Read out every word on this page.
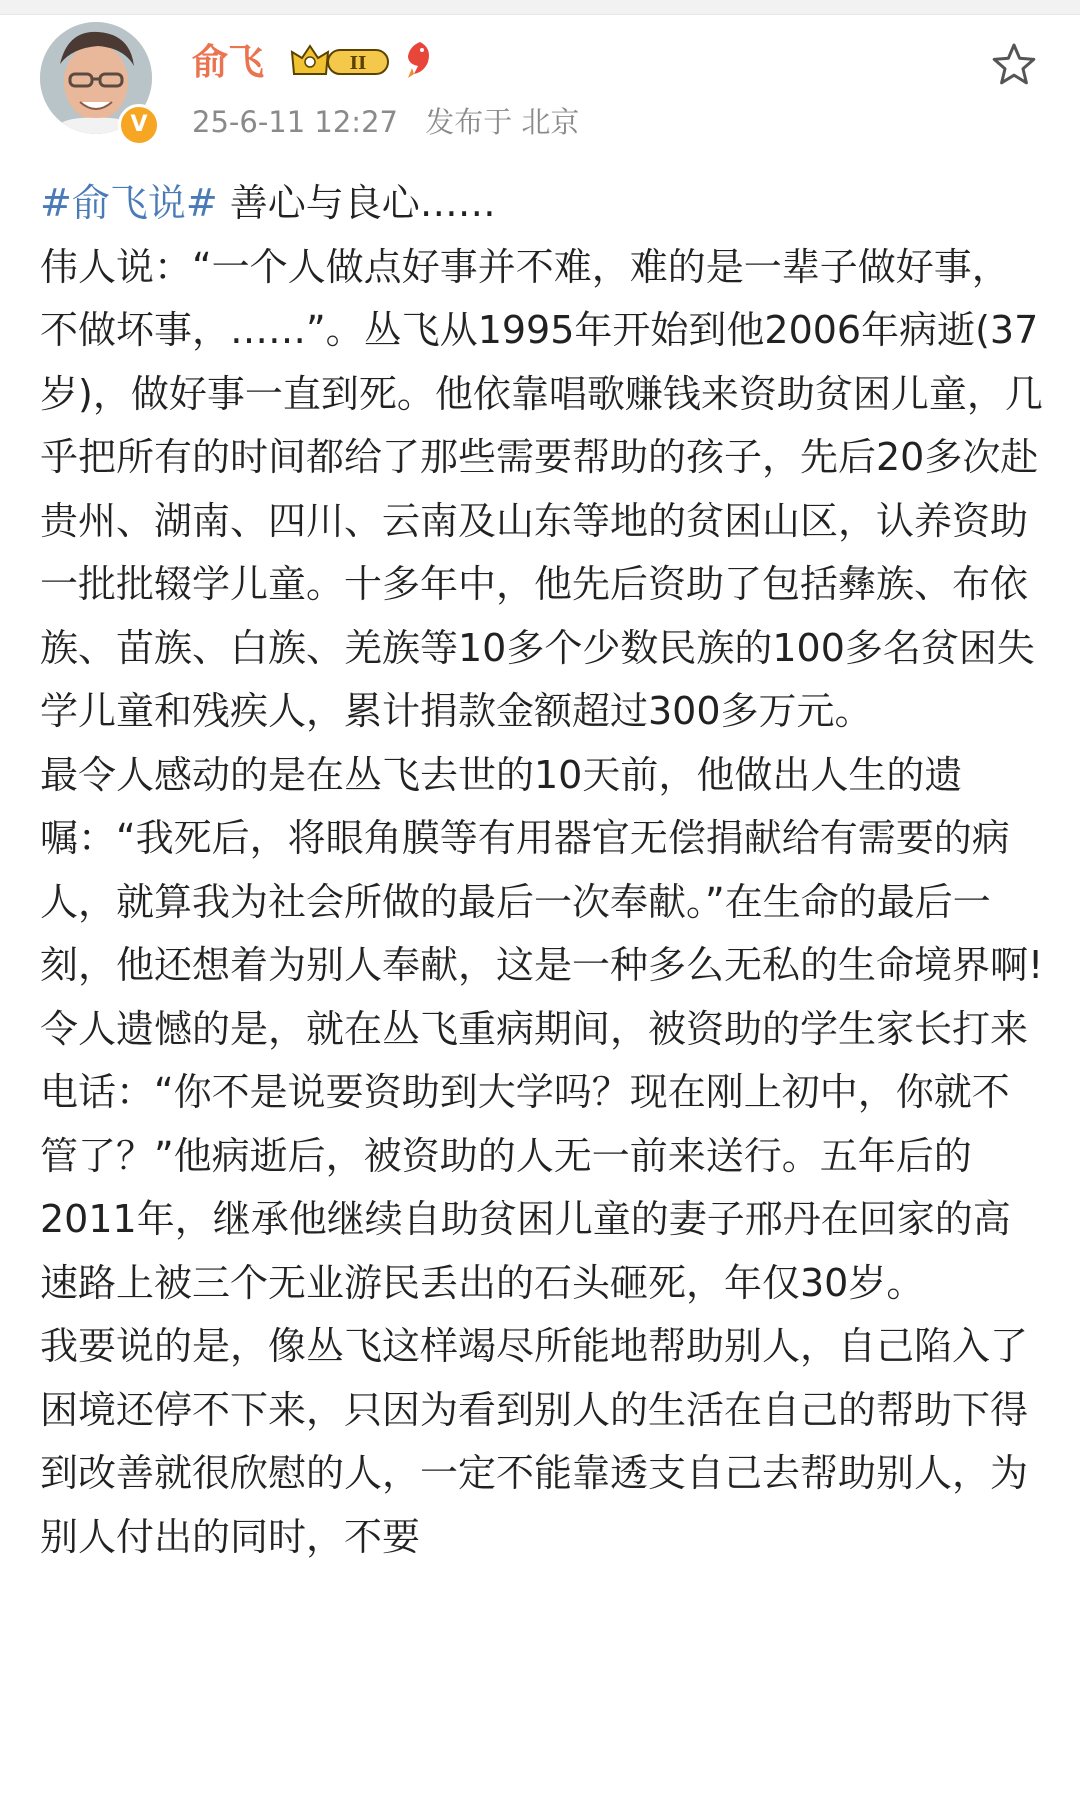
V
俞飞	II
25-6-11 12:27 发布于 北京

#俞飞说# 善心与良心……

伟人说：“一个人做点好事并不难，难的是一辈子做好事，不做坏事，……”。丛飞从1995年开始到他2006年病逝(37岁)，做好事一直到死。他依靠唱歌赚钱来资助贫困儿童，几乎把所有的时间都给了那些需要帮助的孩子，先后20多次赴贵州、湖南、四川、云南及山东等地的贫困山区，认养资助一批批辍学儿童。十多年中，他先后资助了包括彝族、布依族、苗族、白族、羌族等10多个少数民族的100多名贫困失学儿童和残疾人，累计捐款金额超过300多万元。

最令人感动的是在丛飞去世的10天前，他做出人生的遗嘱：“我死后，将眼角膜等有用器官无偿捐献给有需要的病人，就算我为社会所做的最后一次奉献。”在生命的最后一刻，他还想着为别人奉献，这是一种多么无私的生命境界啊!

令人遗憾的是，就在丛飞重病期间，被资助的学生家长打来电话：“你不是说要资助到大学吗？现在刚上初中，你就不管了？”他病逝后，被资助的人无一前来送行。五年后的2011年，继承他继续自助贫困儿童的妻子邢丹在回家的高速路上被三个无业游民丢出的石头砸死，年仅30岁。

我要说的是，像丛飞这样竭尽所能地帮助别人，自己陷入了困境还停不下来，只因为看到别人的生活在自己的帮助下得到改善就很欣慰的人，一定不能靠透支自己去帮助别人，为别人付出的同时，不要
